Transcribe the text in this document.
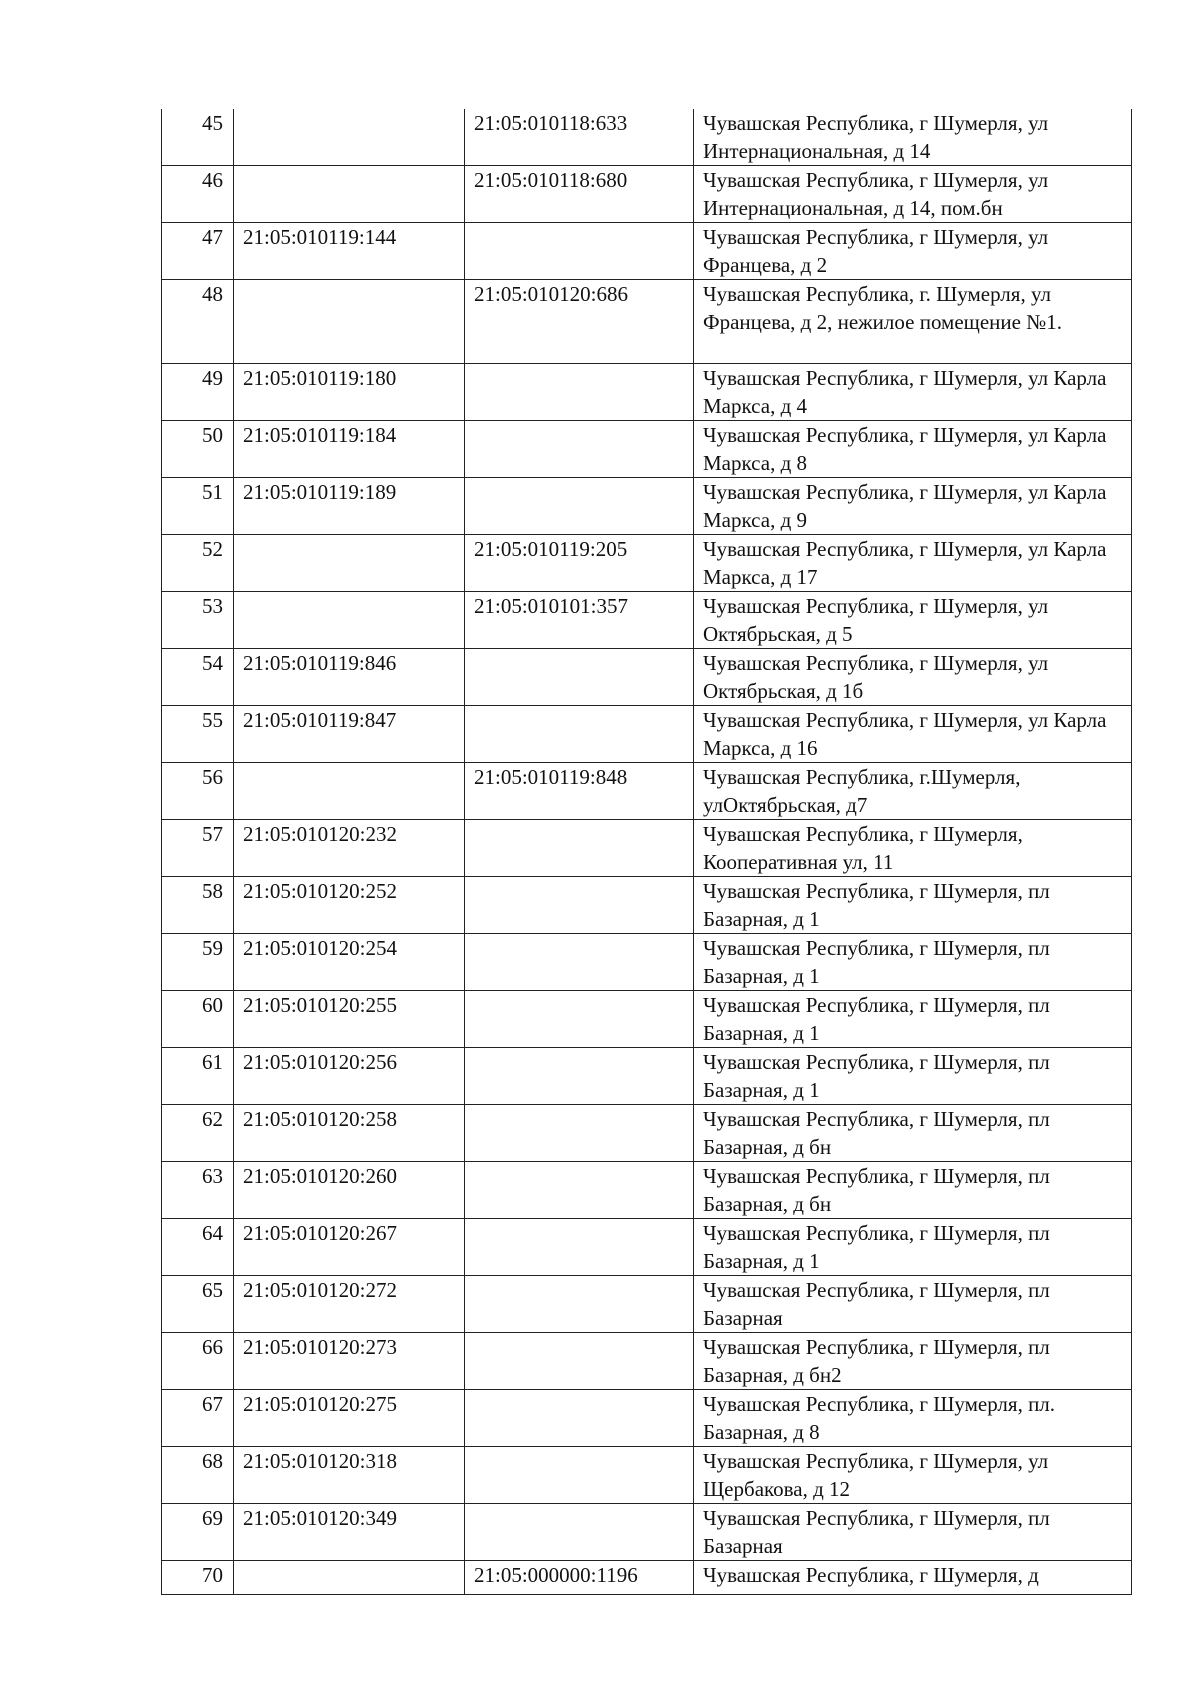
45		21:05:010118:633	Чувашская Республика, г Шумерля, ул Интернациональная, д 14
46		21:05:010118:680	Чувашская Республика, г Шумерля, ул Интернациональная, д 14, пом.бн
47	21:05:010119:144		Чувашская Республика, г Шумерля, ул Францева, д 2
48		21:05:010120:686	Чувашская Республика, г. Шумерля, ул Францева, д 2, нежилое помещение №1.
49	21:05:010119:180		Чувашская Республика, г Шумерля, ул Карла Маркса, д 4
50	21:05:010119:184		Чувашская Республика, г Шумерля, ул Карла Маркса, д 8
51	21:05:010119:189		Чувашская Республика, г Шумерля, ул Карла Маркса, д 9
52		21:05:010119:205	Чувашская Республика, г Шумерля, ул Карла Маркса, д 17
53		21:05:010101:357	Чувашская Республика, г Шумерля, ул Октябрьская, д 5
54	21:05:010119:846		Чувашская Республика, г Шумерля, ул Октябрьская, д 1б
55	21:05:010119:847		Чувашская Республика, г Шумерля, ул Карла Маркса, д 16
56		21:05:010119:848	Чувашская Республика, г.Шумерля, улОктябрьская, д7
57	21:05:010120:232		Чувашская Республика, г Шумерля, Кооперативная ул, 11
58	21:05:010120:252		Чувашская Республика, г Шумерля, пл Базарная, д 1
59	21:05:010120:254		Чувашская Республика, г Шумерля, пл Базарная, д 1
60	21:05:010120:255		Чувашская Республика, г Шумерля, пл Базарная, д 1
61	21:05:010120:256		Чувашская Республика, г Шумерля, пл Базарная, д 1
62	21:05:010120:258		Чувашская Республика, г Шумерля, пл Базарная, д бн
63	21:05:010120:260		Чувашская Республика, г Шумерля, пл Базарная, д бн
64	21:05:010120:267		Чувашская Республика, г Шумерля, пл Базарная, д 1
65	21:05:010120:272		Чувашская Республика, г Шумерля, пл Базарная
66	21:05:010120:273		Чувашская Республика, г Шумерля, пл Базарная, д бн2
67	21:05:010120:275		Чувашская Республика, г Шумерля, пл. Базарная, д 8
68	21:05:010120:318		Чувашская Республика, г Шумерля, ул Щербакова, д 12
69	21:05:010120:349		Чувашская Республика, г Шумерля, пл Базарная
70		21:05:000000:1196	Чувашская Республика, г Шумерля, д
